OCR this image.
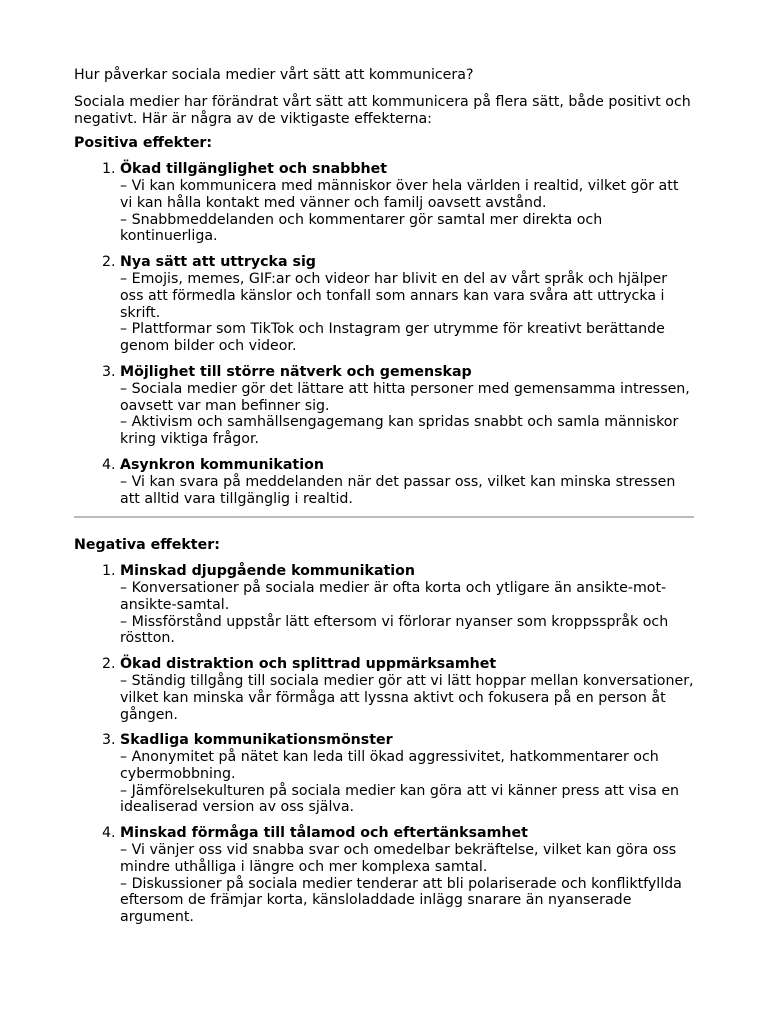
Hur påverkar sociala medier vårt sätt att kommunicera?

Sociala medier har förändrat vårt sätt att kommunicera på flera sätt, både positivt och negativt. Här är några av de viktigaste effekterna:

Positiva effekter:
1. Ökad tillgänglighet och snabbhet
– Vi kan kommunicera med människor över hela världen i realtid, vilket gör att vi kan hålla kontakt med vänner och familj oavsett avstånd.
– Snabbmeddelanden och kommentarer gör samtal mer direkta och kontinuerliga.
2. Nya sätt att uttrycka sig
– Emojis, memes, GIF:ar och videor har blivit en del av vårt språk och hjälper oss att förmedla känslor och tonfall som annars kan vara svåra att uttrycka i skrift.
– Plattformar som TikTok och Instagram ger utrymme för kreativt berättande genom bilder och videor.
3. Möjlighet till större nätverk och gemenskap
– Sociala medier gör det lättare att hitta personer med gemensamma intressen, oavsett var man befinner sig.
– Aktivism och samhällsengagemang kan spridas snabbt och samla människor kring viktiga frågor.
4. Asynkron kommunikation
– Vi kan svara på meddelanden när det passar oss, vilket kan minska stressen att alltid vara tillgänglig i realtid.
Negativa effekter:
1. Minskad djupgående kommunikation
– Konversationer på sociala medier är ofta korta och ytligare än ansikte-mot-ansikte-samtal.
– Missförstånd uppstår lätt eftersom vi förlorar nyanser som kroppsspråk och röstton.
2. Ökad distraktion och splittrad uppmärksamhet
– Ständig tillgång till sociala medier gör att vi lätt hoppar mellan konversationer, vilket kan minska vår förmåga att lyssna aktivt och fokusera på en person åt gången.
3. Skadliga kommunikationsmönster
– Anonymitet på nätet kan leda till ökad aggressivitet, hatkommentarer och cybermobbning.
– Jämförelsekulturen på sociala medier kan göra att vi känner press att visa en idealiserad version av oss själva.
4. Minskad förmåga till tålamod och eftertänksamhet
– Vi vänjer oss vid snabba svar och omedelbar bekräftelse, vilket kan göra oss mindre uthålliga i längre och mer komplexa samtal.
– Diskussioner på sociala medier tenderar att bli polariserade och konfliktfyllda eftersom de främjar korta, känsloladdade inlägg snarare än nyanserade argument.
